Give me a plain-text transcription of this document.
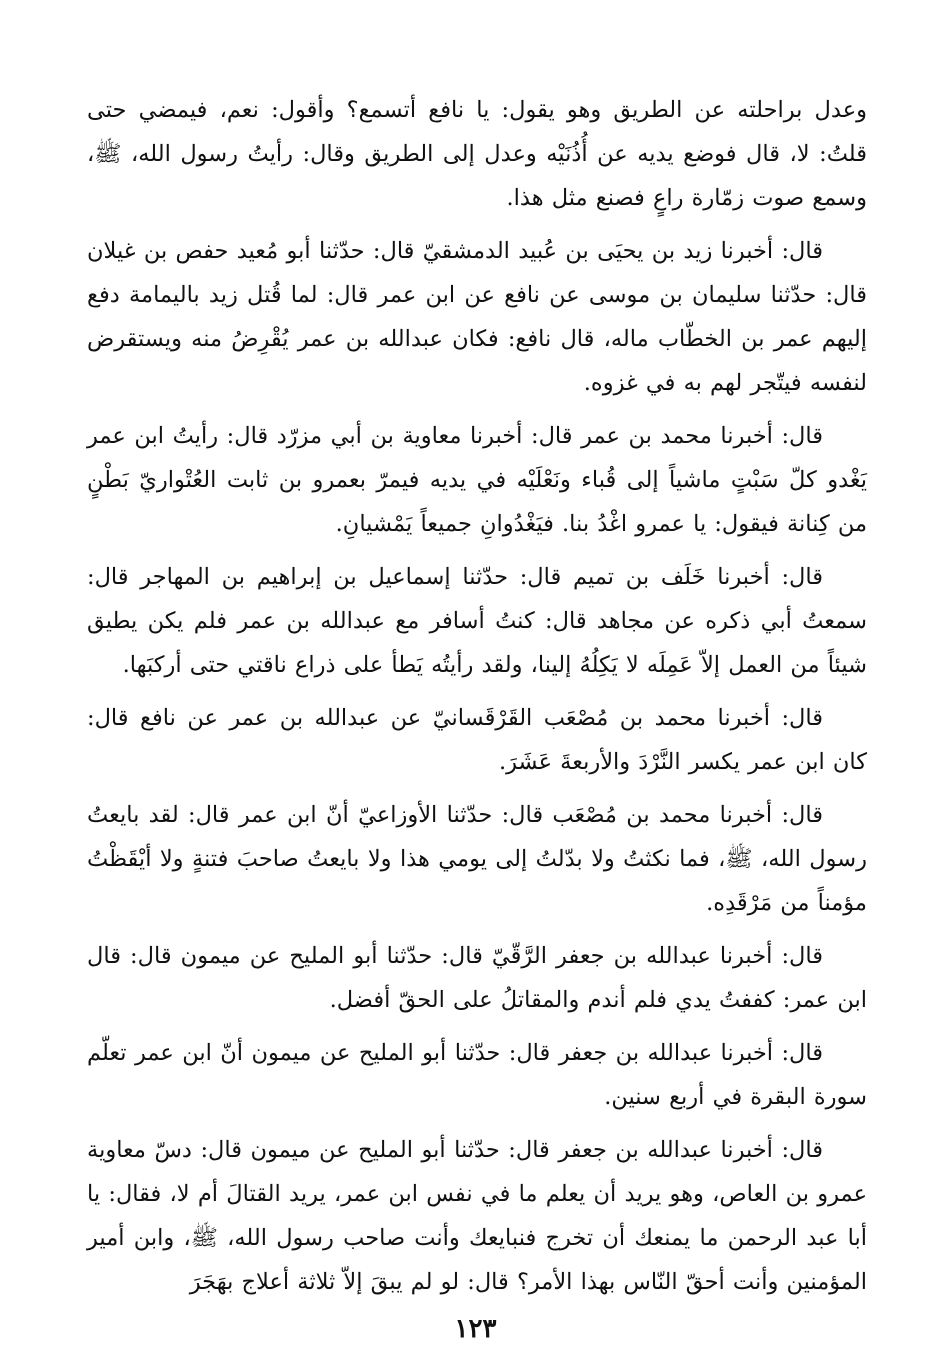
وعدل براحلته عن الطريق وهو يقول: يا نافع أتسمع؟ وأقول: نعم، فيمضي حتى قلتُ: لا، قال فوضع يديه عن أُذُنَيْه وعدل إلى الطريق وقال: رأيتُ رسول الله، ﷺ، وسمع صوت زمّارة راعٍ فصنع مثل هذا.

قال: أخبرنا زيد بن يحيَى بن عُبيد الدمشقيّ قال: حدّثنا أبو مُعيد حفص بن غيلان قال: حدّثنا سليمان بن موسى عن نافع عن ابن عمر قال: لما قُتل زيد باليمامة دفع إليهم عمر بن الخطّاب ماله، قال نافع: فكان عبدالله بن عمر يُقْرِضُ منه ويستقرض لنفسه فيتّجر لهم به في غزوه.

قال: أخبرنا محمد بن عمر قال: أخبرنا معاوية بن أبي مزرّد قال: رأيتُ ابن عمر يَغْدو كلّ سَبْتٍ ماشياً إلى قُباء ونَعْلَيْه في يديه فيمرّ بعمرو بن ثابت العُتْواريّ بَطْنٍ من كِنانة فيقول: يا عمرو اغْدُ بنا. فيَغْدُوانِ جميعاً يَمْشيانِ.

قال: أخبرنا خَلَف بن تميم قال: حدّثنا إسماعيل بن إبراهيم بن المهاجر قال: سمعتُ أبي ذكره عن مجاهد قال: كنتُ أسافر مع عبدالله بن عمر فلم يكن يطيق شيئاً من العمل إلاّ عَمِلَه لا يَكِلُهُ إلينا، ولقد رأيتُه يَطأ على ذراع ناقتي حتى أركبَها.

قال: أخبرنا محمد بن مُصْعَب القَرْقَسانيّ عن عبدالله بن عمر عن نافع قال: كان ابن عمر يكسر النَّرْدَ والأربعةَ عَشَرَ.

قال: أخبرنا محمد بن مُصْعَب قال: حدّثنا الأوزاعيّ أنّ ابن عمر قال: لقد بايعتُ رسول الله، ﷺ، فما نكثتُ ولا بدّلتُ إلى يومي هذا ولا بايعتُ صاحبَ فتنةٍ ولا أيْقَظْتُ مؤمناً من مَرْقَدِه.

قال: أخبرنا عبدالله بن جعفر الرَّقّيّ قال: حدّثنا أبو المليح عن ميمون قال: قال ابن عمر: كففتُ يدي فلم أندم والمقاتلُ على الحقّ أفضل.

قال: أخبرنا عبدالله بن جعفر قال: حدّثنا أبو المليح عن ميمون أنّ ابن عمر تعلّم سورة البقرة في أربع سنين.

قال: أخبرنا عبدالله بن جعفر قال: حدّثنا أبو المليح عن ميمون قال: دسّ معاوية عمرو بن العاص، وهو يريد أن يعلم ما في نفس ابن عمر، يريد القتالَ أم لا، فقال: يا أبا عبد الرحمن ما يمنعك أن تخرج فنبايعك وأنت صاحب رسول الله، ﷺ، وابن أمير المؤمنين وأنت أحقّ النّاس بهذا الأمر؟ قال: لو لم يبقَ إلاّ ثلاثة أعلاج بهَجَرَ

١٢٣
